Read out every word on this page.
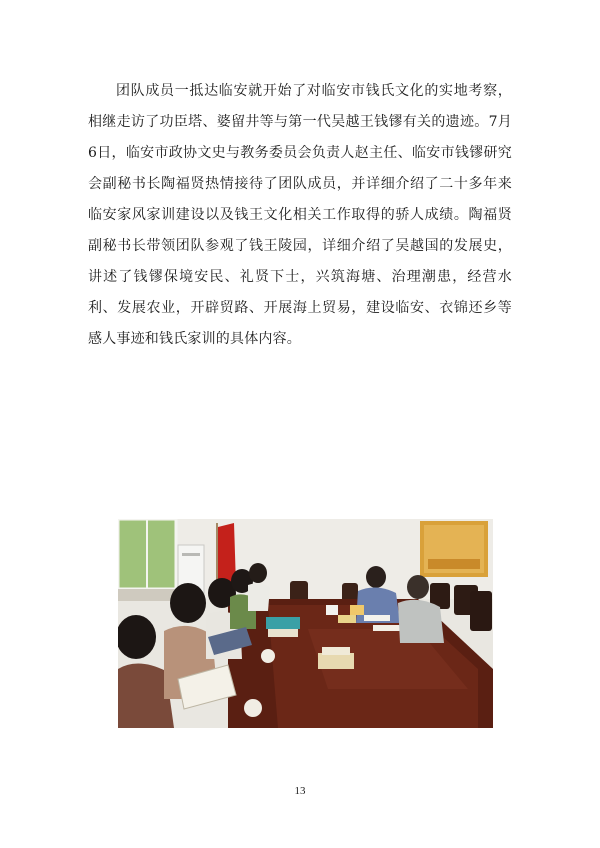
团队成员一抵达临安就开始了对临安市钱氏文化的实地考察，相继走访了功臣塔、婆留井等与第一代吴越王钱镠有关的遗迹。7月6日，临安市政协文史与教务委员会负责人赵主任、临安市钱镠研究会副秘书长陶福贤热情接待了团队成员，并详细介绍了二十多年来临安家风家训建设以及钱王文化相关工作取得的骄人成绩。陶福贤副秘书长带领团队参观了钱王陵园，详细介绍了吴越国的发展史，讲述了钱镠保境安民、礼贤下士，兴筑海塘、治理潮患，经营水利、发展农业，开辟贸路、开展海上贸易，建设临安、衣锦还乡等感人事迹和钱氏家训的具体内容。

13
